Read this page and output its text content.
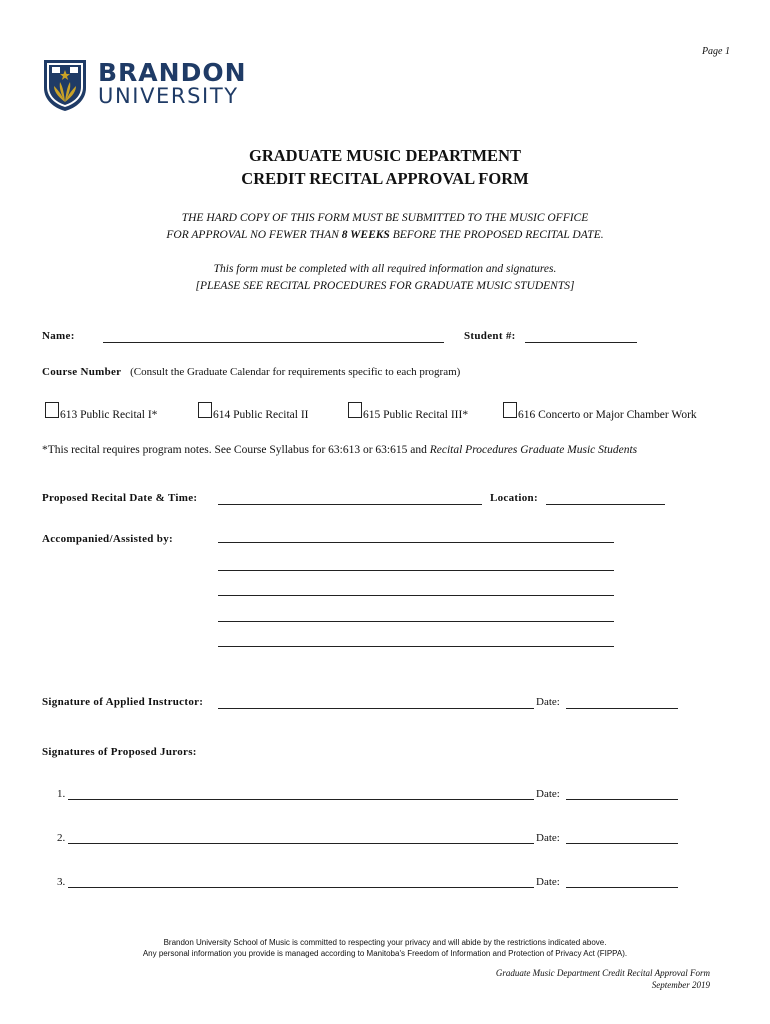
Page 1
BRANDON
UNIVERSITY
GRADUATE MUSIC DEPARTMENT
CREDIT RECITAL APPROVAL FORM
THE HARD COPY OF THIS FORM MUST BE SUBMITTED TO THE MUSIC OFFICE
FOR APPROVAL NO FEWER THAN 8 WEEKS BEFORE THE PROPOSED RECITAL DATE.
This form must be completed with all required information and signatures.
[PLEASE SEE RECITAL PROCEDURES FOR GRADUATE MUSIC STUDENTS]
Name:	Student #:
Course Number (Consult the Graduate Calendar for requirements specific to each program)
613 Public Recital I*	614 Public Recital II	615 Public Recital III*	616 Concerto or Major Chamber Work
*This recital requires program notes. See Course Syllabus for 63:613 or 63:615 and Recital Procedures Graduate Music Students
Proposed Recital Date & Time:	Location:
Accompanied/Assisted by:
Signature of Applied Instructor:	Date:
Signatures of Proposed Jurors:
1.	Date:
2.	Date:
3.	Date:
Brandon University School of Music is committed to respecting your privacy and will abide by the restrictions indicated above.
Any personal information you provide is managed according to Manitoba's Freedom of Information and Protection of Privacy Act (FIPPA).
Graduate Music Department Credit Recital Approval Form
September 2019
